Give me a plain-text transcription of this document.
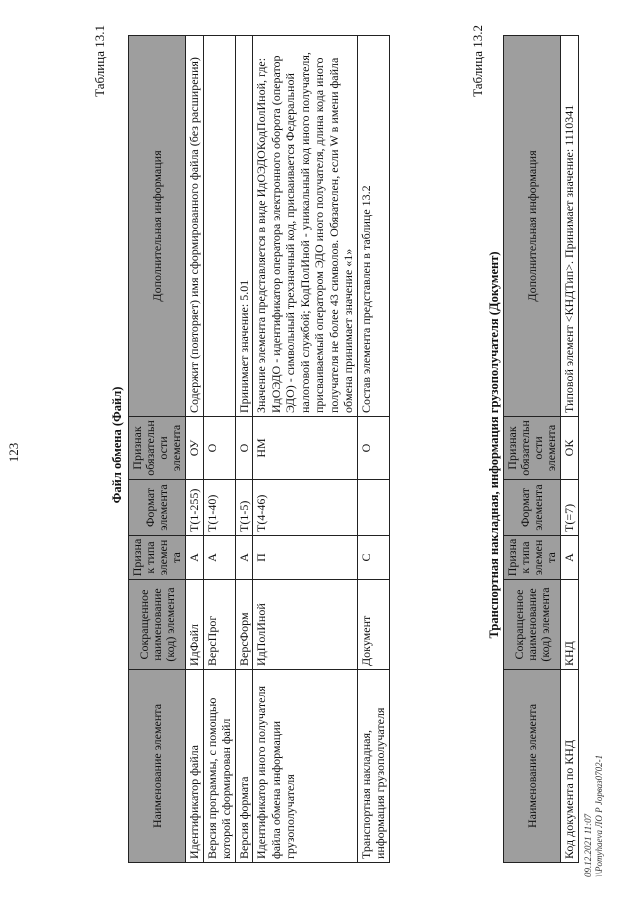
123
Таблица 13.1
Файл обмена (Файл)
Наименование элемента	Сокращенное наименование (код) элемента	Признак типа элемента	Формат элемента	Признак обязательности элемента	Дополнительная информация
Идентификатор файла	ИдФайл	А	Т(1-255)	ОУ	Содержит (повторяет) имя сформированного файла (без расширения)
Версия программы, с помощью которой сформирован файл	ВерсПрог	А	Т(1-40)	О	
Версия формата	ВерсФорм	А	Т(1-5)	О	Принимает значение: 5.01
Идентификатор иного получателя файла обмена информации грузополучателя	ИдПолИной	П	Т(4-46)	НМ	Значение элемента представляется в виде ИдОЭДОКодПолИной, где: ИдОЭДО - идентификатор оператора электронного оборота (оператор ЭДО) - символьный трехзначный код, присваивается Федеральной налоговой службой; КодПолИной - уникальный код иного получателя, присваиваемый оператором ЭДО иного получателя, длина кода иного получателя не более 43 символов. Обязателен, если W в имени файла обмена принимает значение «1»
Транспортная накладная, информация грузополучателя	Документ	С		О	Состав элемента представлен в таблице 13.2
Таблица 13.2
Транспортная накладная, информация грузополучателя (Документ)
Наименование элемента	Сокращенное наименование (код) элемента	Признак типа элемента	Формат элемента	Признак обязательности элемента	Дополнительная информация
Код документа по КНД	КНД	А	Т(=7)	ОК	Типовой элемент <КНДТип>. Принимает значение: 1110341
09.12.2021 11:07 \\Pomyhaeva ЛО Р Јорваз0702-1
